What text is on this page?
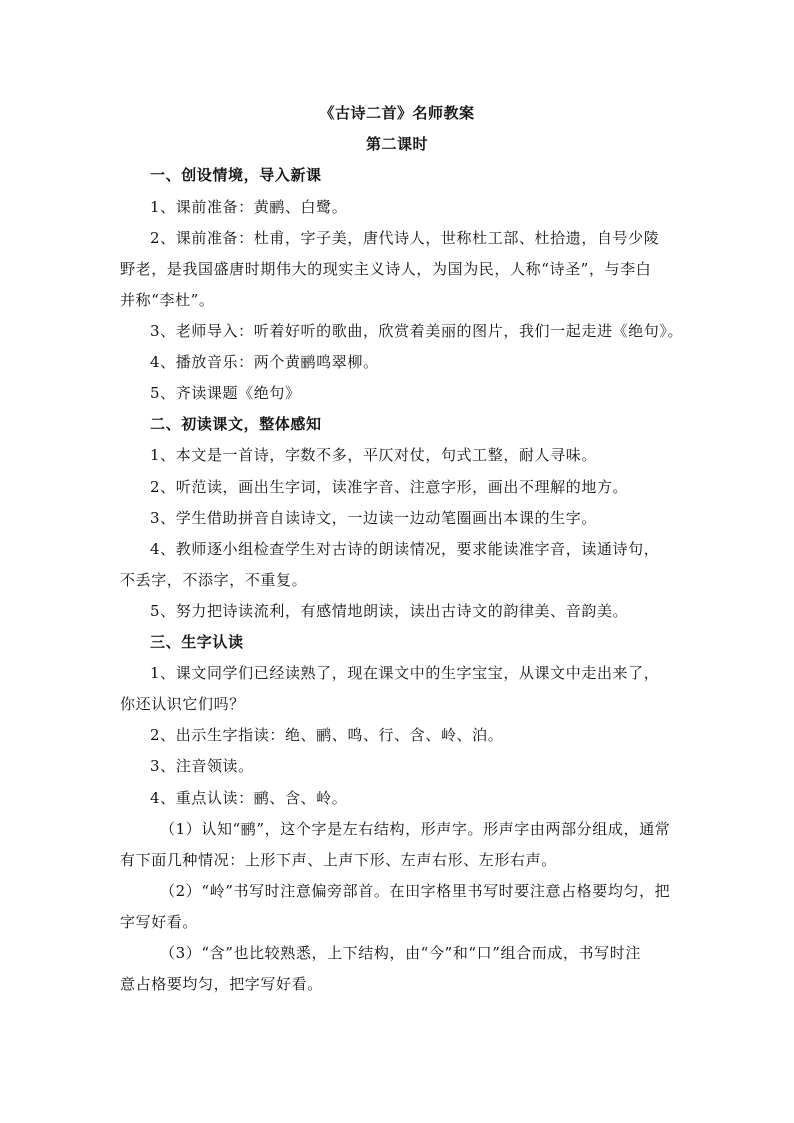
《古诗二首》名师教案
第二课时
一、创设情境，导入新课
1、课前准备：黄鹂、白鹭。
2、课前准备：杜甫，字子美，唐代诗人，世称杜工部、杜拾遗，自号少陵
野老，是我国盛唐时期伟大的现实主义诗人，为国为民，人称“诗圣”，与李白
并称“李杜”。
3、老师导入：听着好听的歌曲，欣赏着美丽的图片，我们一起走进《绝句》。
4、播放音乐：两个黄鹂鸣翠柳。
5、齐读课题《绝句》
二、初读课文，整体感知
1、本文是一首诗，字数不多，平仄对仗，句式工整，耐人寻味。
2、听范读，画出生字词，读准字音、注意字形，画出不理解的地方。
3、学生借助拼音自读诗文，一边读一边动笔圈画出本课的生字。
4、教师逐小组检查学生对古诗的朗读情况，要求能读准字音，读通诗句，
不丢字，不添字，不重复。
5、努力把诗读流利，有感情地朗读，读出古诗文的韵律美、音韵美。
三、生字认读
1、课文同学们已经读熟了，现在课文中的生字宝宝，从课文中走出来了，
你还认识它们吗？
2、出示生字指读：绝、鹂、鸣、行、含、岭、泊。
3、注音领读。
4、重点认读：鹂、含、岭。
（1）认知“鹂”，这个字是左右结构，形声字。形声字由两部分组成，通常
有下面几种情况：上形下声、上声下形、左声右形、左形右声。
（2）“岭”书写时注意偏旁部首。在田字格里书写时要注意占格要均匀，把
字写好看。
（3）“含”也比较熟悉，上下结构，由“今”和“口”组合而成，书写时注
意占格要均匀，把字写好看。
